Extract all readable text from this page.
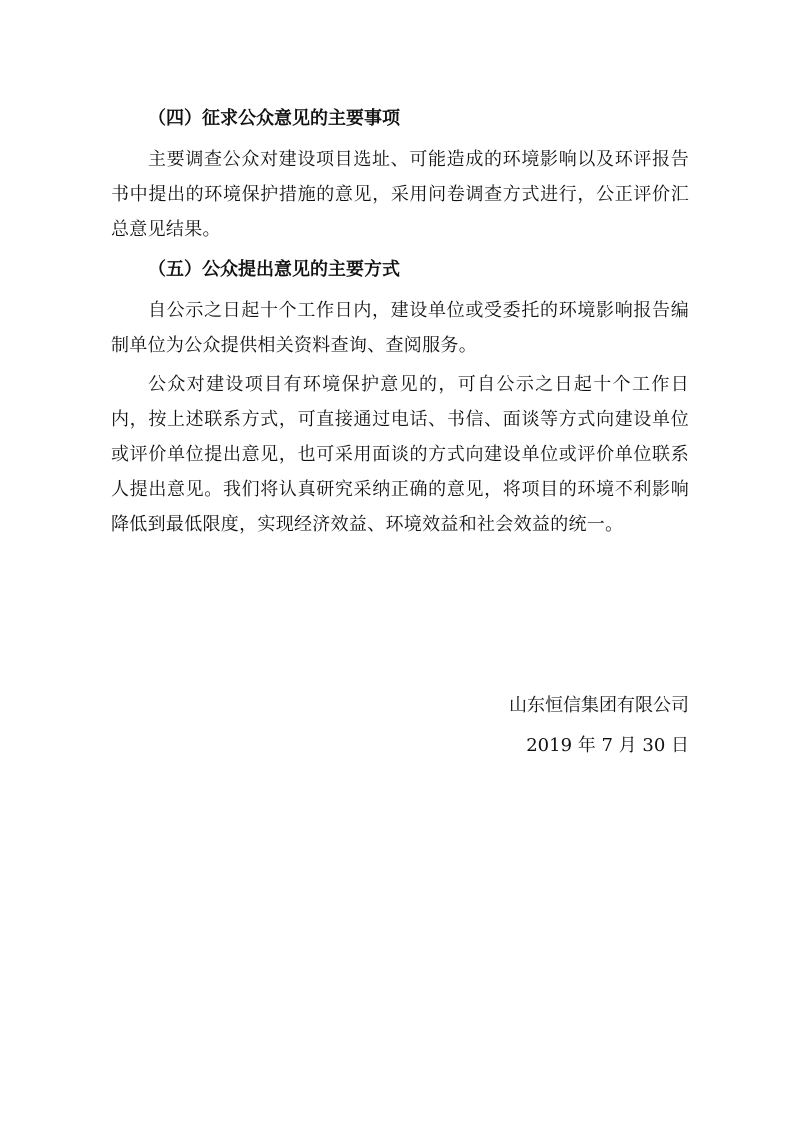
（四）征求公众意见的主要事项

主要调查公众对建设项目选址、可能造成的环境影响以及环评报告书中提出的环境保护措施的意见，采用问卷调查方式进行，公正评价汇总意见结果。

（五）公众提出意见的主要方式

自公示之日起十个工作日内，建设单位或受委托的环境影响报告编制单位为公众提供相关资料查询、查阅服务。

公众对建设项目有环境保护意见的，可自公示之日起十个工作日内，按上述联系方式，可直接通过电话、书信、面谈等方式向建设单位或评价单位提出意见，也可采用面谈的方式向建设单位或评价单位联系人提出意见。我们将认真研究采纳正确的意见，将项目的环境不利影响降低到最低限度，实现经济效益、环境效益和社会效益的统一。

山东恒信集团有限公司
2019 年 7 月 30 日
